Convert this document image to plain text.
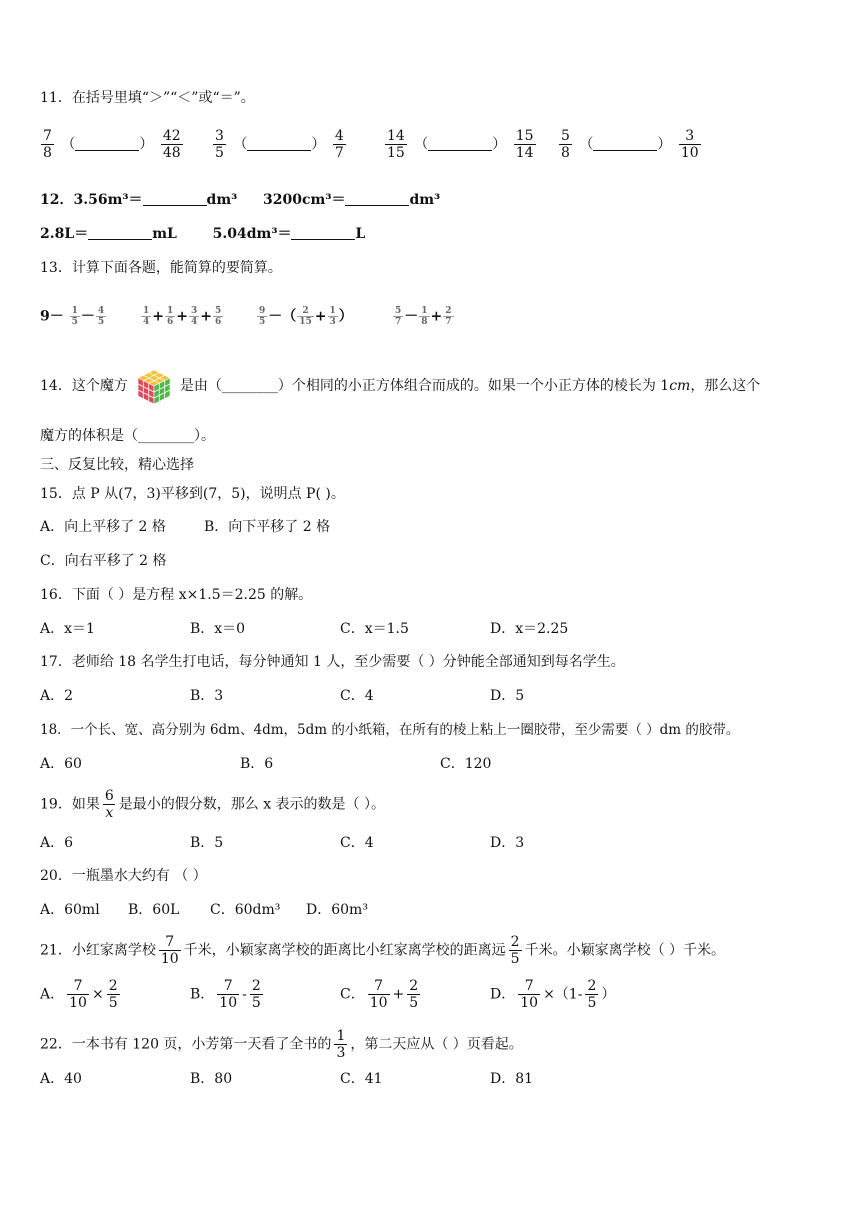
11．在括号里填“＞”“＜”或“＝”。
$\frac{7}{8}$ （	） $\frac{42}{48} \frac{3}{5}$ （	） $\frac{4}{7}$	$\frac{14}{15}$ （	） $\frac{15}{14} \frac{5}{8}$ （	） $\frac{3}{10}$
12．3.56m³＝	dm³ 3200cm³＝	dm³
2.8L＝	mL	5.04dm³＝	L
13．计算下面各题，能简算的要简算。
$9- \frac{1}{5} - \frac{4}{5}$	$\frac{1}{4} + \frac{1}{6} + \frac{3}{4} + \frac{5}{6}$	$\frac{9}{5}$ －（ $\frac{2}{15} + \frac{1}{3}$ ）	$\frac{5}{7} - \frac{1}{8} + \frac{2}{7}$
14．这个魔方	是由（________）个相同的小正方体组合而成的。如果一个小正方体的棱长为 1cm，那么这个
魔方的体积是（________）。
三、反复比较，精心选择
15．点 P 从(7，3)平移到(7，5)，说明点 P( )。
A．向上平移了 2 格	B．向下平移了 2 格
C．向右平移了 2 格
16．下面（ ）是方程 x×1.5＝2.25 的解。
A．x＝1	B．x＝0	C．x＝1.5	D．x＝2.25
17．老师给 18 名学生打电话，每分钟通知 1 人，至少需要（ ）分钟能全部通知到每名学生。
A．2	B．3	C．4	D．5
18．一个长、宽、高分别为 6dm、4dm，5dm 的小纸箱，在所有的棱上粘上一圈胶带，至少需要（ ）dm 的胶带。
A．60	B．6	C．120
19．如果 $\frac{6}{x}$ 是最小的假分数，那么 x 表示的数是（ ）。
A．6	B．5	C．4	D．3
20．一瓶墨水大约有 （ ）
A．60ml B．60L C．60dm³ D．60m³
21．小红家离学校 $\frac{7}{10}$ 千米，小颖家离学校的距离比小红家离学校的距离远 $\frac{2}{5}$ 千米。小颖家离学校（ ）千米。
A． $\frac{7}{10} \times \frac{2}{5}$	B． $\frac{7}{10} - \frac{2}{5}$	C． $\frac{7}{10} + \frac{2}{5}$	D． $\frac{7}{10} \times(1- \frac{2}{5}$ ）
22．一本书有 120 页，小芳第一天看了全书的 $\frac{1}{3}$ ，第二天应从（ ）页看起。
A．40	B．80	C．41	D．81
